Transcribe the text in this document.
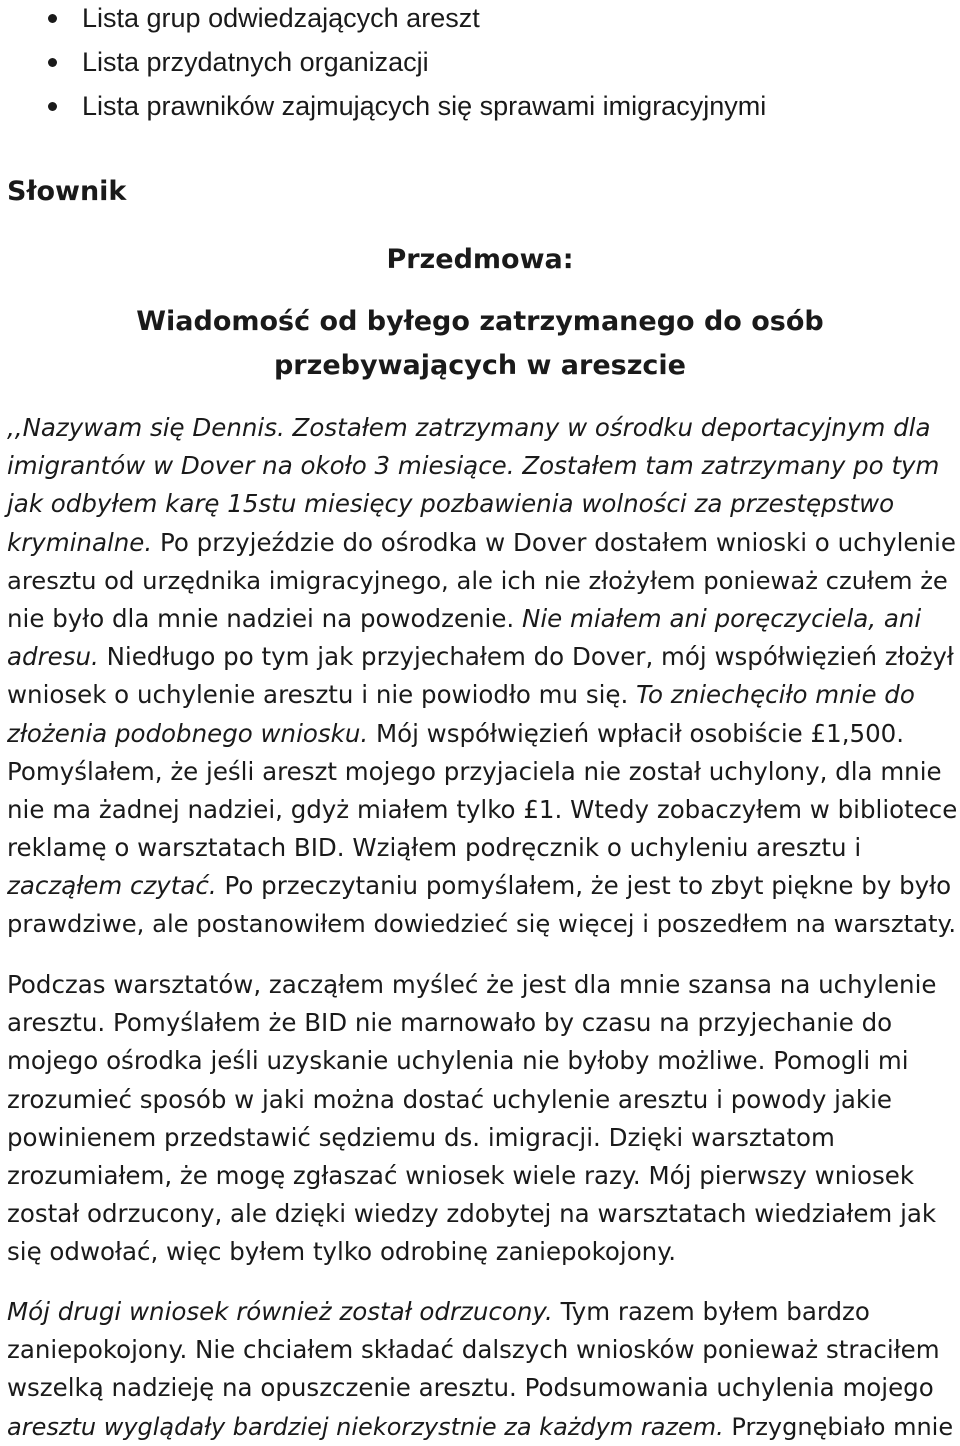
Lista grup odwiedzających areszt
Lista przydatnych organizacji
Lista prawników zajmujących się sprawami imigracyjnymi
Słownik
Przedmowa:
Wiadomość od byłego zatrzymanego do osób
przebywających w areszcie
,,Nazywam się Dennis. Zostałem zatrzymany w ośrodku deportacyjnym dla
imigrantów w Dover na około 3 miesiące. Zostałem tam zatrzymany po tym
jak odbyłem karę 15stu miesięcy pozbawienia wolności za przestępstwo
kryminalne. Po przyjeździe do ośrodka w Dover dostałem wnioski o uchylenie
aresztu od urzędnika imigracyjnego, ale ich nie złożyłem ponieważ czułem że
nie było dla mnie nadziei na powodzenie. Nie miałem ani poręczyciela, ani
adresu. Niedługo po tym jak przyjechałem do Dover, mój współwięzień złożył
wniosek o uchylenie aresztu i nie powiodło mu się. To zniechęciło mnie do
złożenia podobnego wniosku. Mój współwięzień wpłacił osobiście £1,500.
Pomyślałem, że jeśli areszt mojego przyjaciela nie został uchylony, dla mnie
nie ma żadnej nadziei, gdyż miałem tylko £1. Wtedy zobaczyłem w bibliotece
reklamę o warsztatach BID. Wziąłem podręcznik o uchyleniu aresztu i
zacząłem czytać. Po przeczytaniu pomyślałem, że jest to zbyt piękne by było
prawdziwe, ale postanowiłem dowiedzieć się więcej i poszedłem na warsztaty.
Podczas warsztatów, zacząłem myśleć że jest dla mnie szansa na uchylenie
aresztu. Pomyślałem że BID nie marnowało by czasu na przyjechanie do
mojego ośrodka jeśli uzyskanie uchylenia nie byłoby możliwe. Pomogli mi
zrozumieć sposób w jaki można dostać uchylenie aresztu i powody jakie
powinienem przedstawić sędziemu ds. imigracji. Dzięki warsztatom
zrozumiałem, że mogę zgłaszać wniosek wiele razy. Mój pierwszy wniosek
został odrzucony, ale dzięki wiedzy zdobytej na warsztatach wiedziałem jak
się odwołać, więc byłem tylko odrobinę zaniepokojony.
Mój drugi wniosek również został odrzucony. Tym razem byłem bardzo
zaniepokojony. Nie chciałem składać dalszych wniosków ponieważ straciłem
wszelką nadzieję na opuszczenie aresztu. Podsumowania uchylenia mojego
aresztu wyglądały bardziej niekorzystnie za każdym razem. Przygnębiało mnie
